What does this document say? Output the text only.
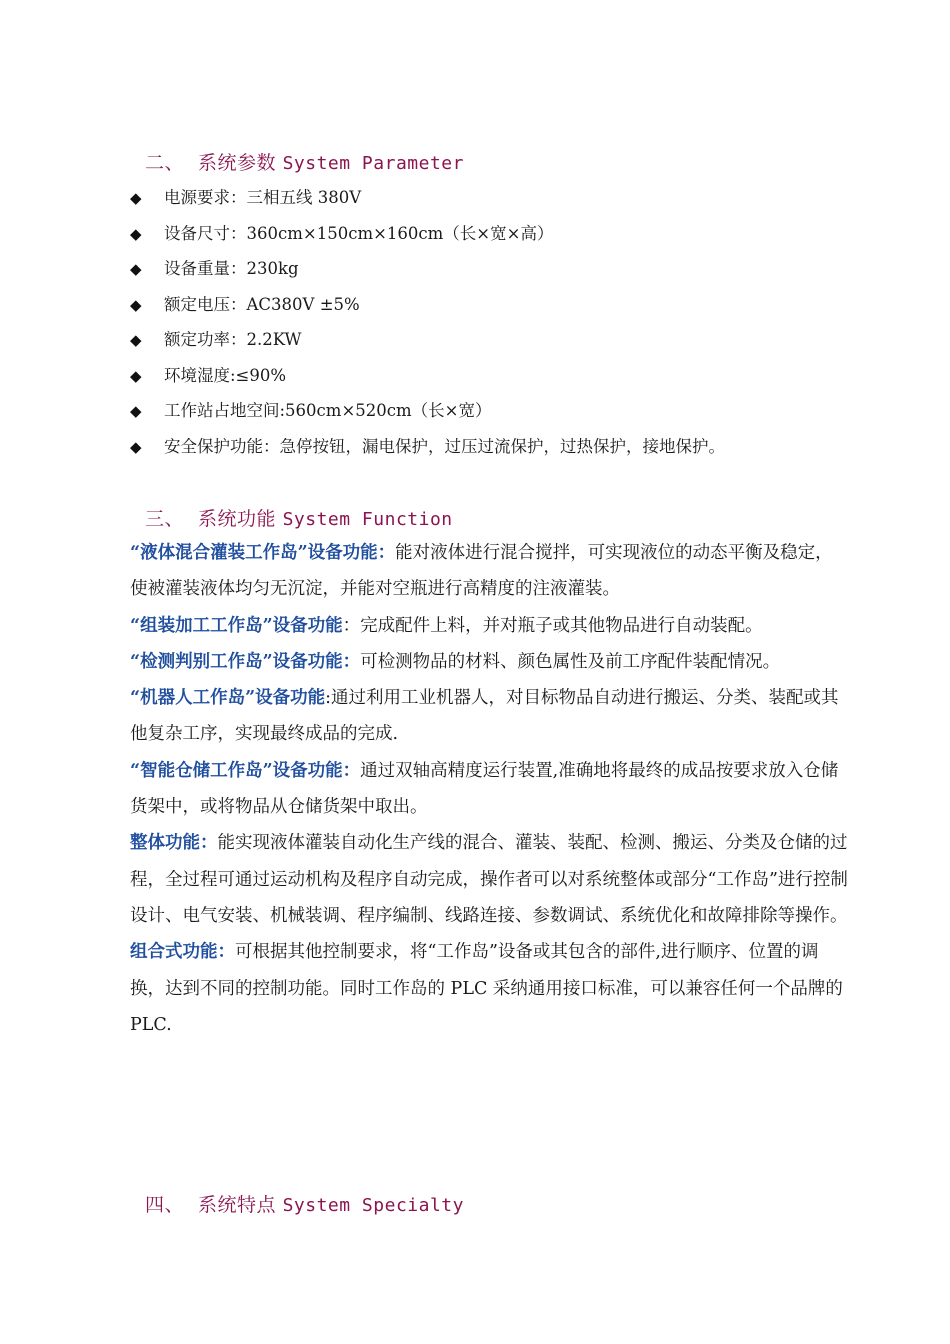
二、 系统参数 System Parameter
◆ 电源要求：三相五线 380V
◆ 设备尺寸：360cm×150cm×160cm（长×宽×高）
◆ 设备重量：230kg
◆ 额定电压：AC380V ±5%
◆ 额定功率：2.2KW
◆ 环境湿度:≤90%
◆ 工作站占地空间:560cm×520cm（长×宽）
◆ 安全保护功能：急停按钮，漏电保护，过压过流保护，过热保护，接地保护。
三、 系统功能 System Function

“液体混合灌装工作岛”设备功能：能对液体进行混合搅拌，可实现液位的动态平衡及稳定，使被灌装液体均匀无沉淀，并能对空瓶进行高精度的注液灌装。

“组装加工工作岛”设备功能：完成配件上料，并对瓶子或其他物品进行自动装配。

“检测判别工作岛”设备功能：可检测物品的材料、颜色属性及前工序配件装配情况。

“机器人工作岛”设备功能:通过利用工业机器人，对目标物品自动进行搬运、分类、装配或其他复杂工序，实现最终成品的完成.

“智能仓储工作岛”设备功能：通过双轴高精度运行装置,准确地将最终的成品按要求放入仓储货架中，或将物品从仓储货架中取出。

整体功能：能实现液体灌装自动化生产线的混合、灌装、装配、检测、搬运、分类及仓储的过程，全过程可通过运动机构及程序自动完成，操作者可以对系统整体或部分“工作岛”进行控制设计、电气安装、机械装调、程序编制、线路连接、参数调试、系统优化和故障排除等操作。

组合式功能：可根据其他控制要求，将“工作岛”设备或其包含的部件,进行顺序、位置的调换，达到不同的控制功能。同时工作岛的 PLC 采纳通用接口标准，可以兼容任何一个品牌的 PLC.

四、 系统特点 System Specialty
